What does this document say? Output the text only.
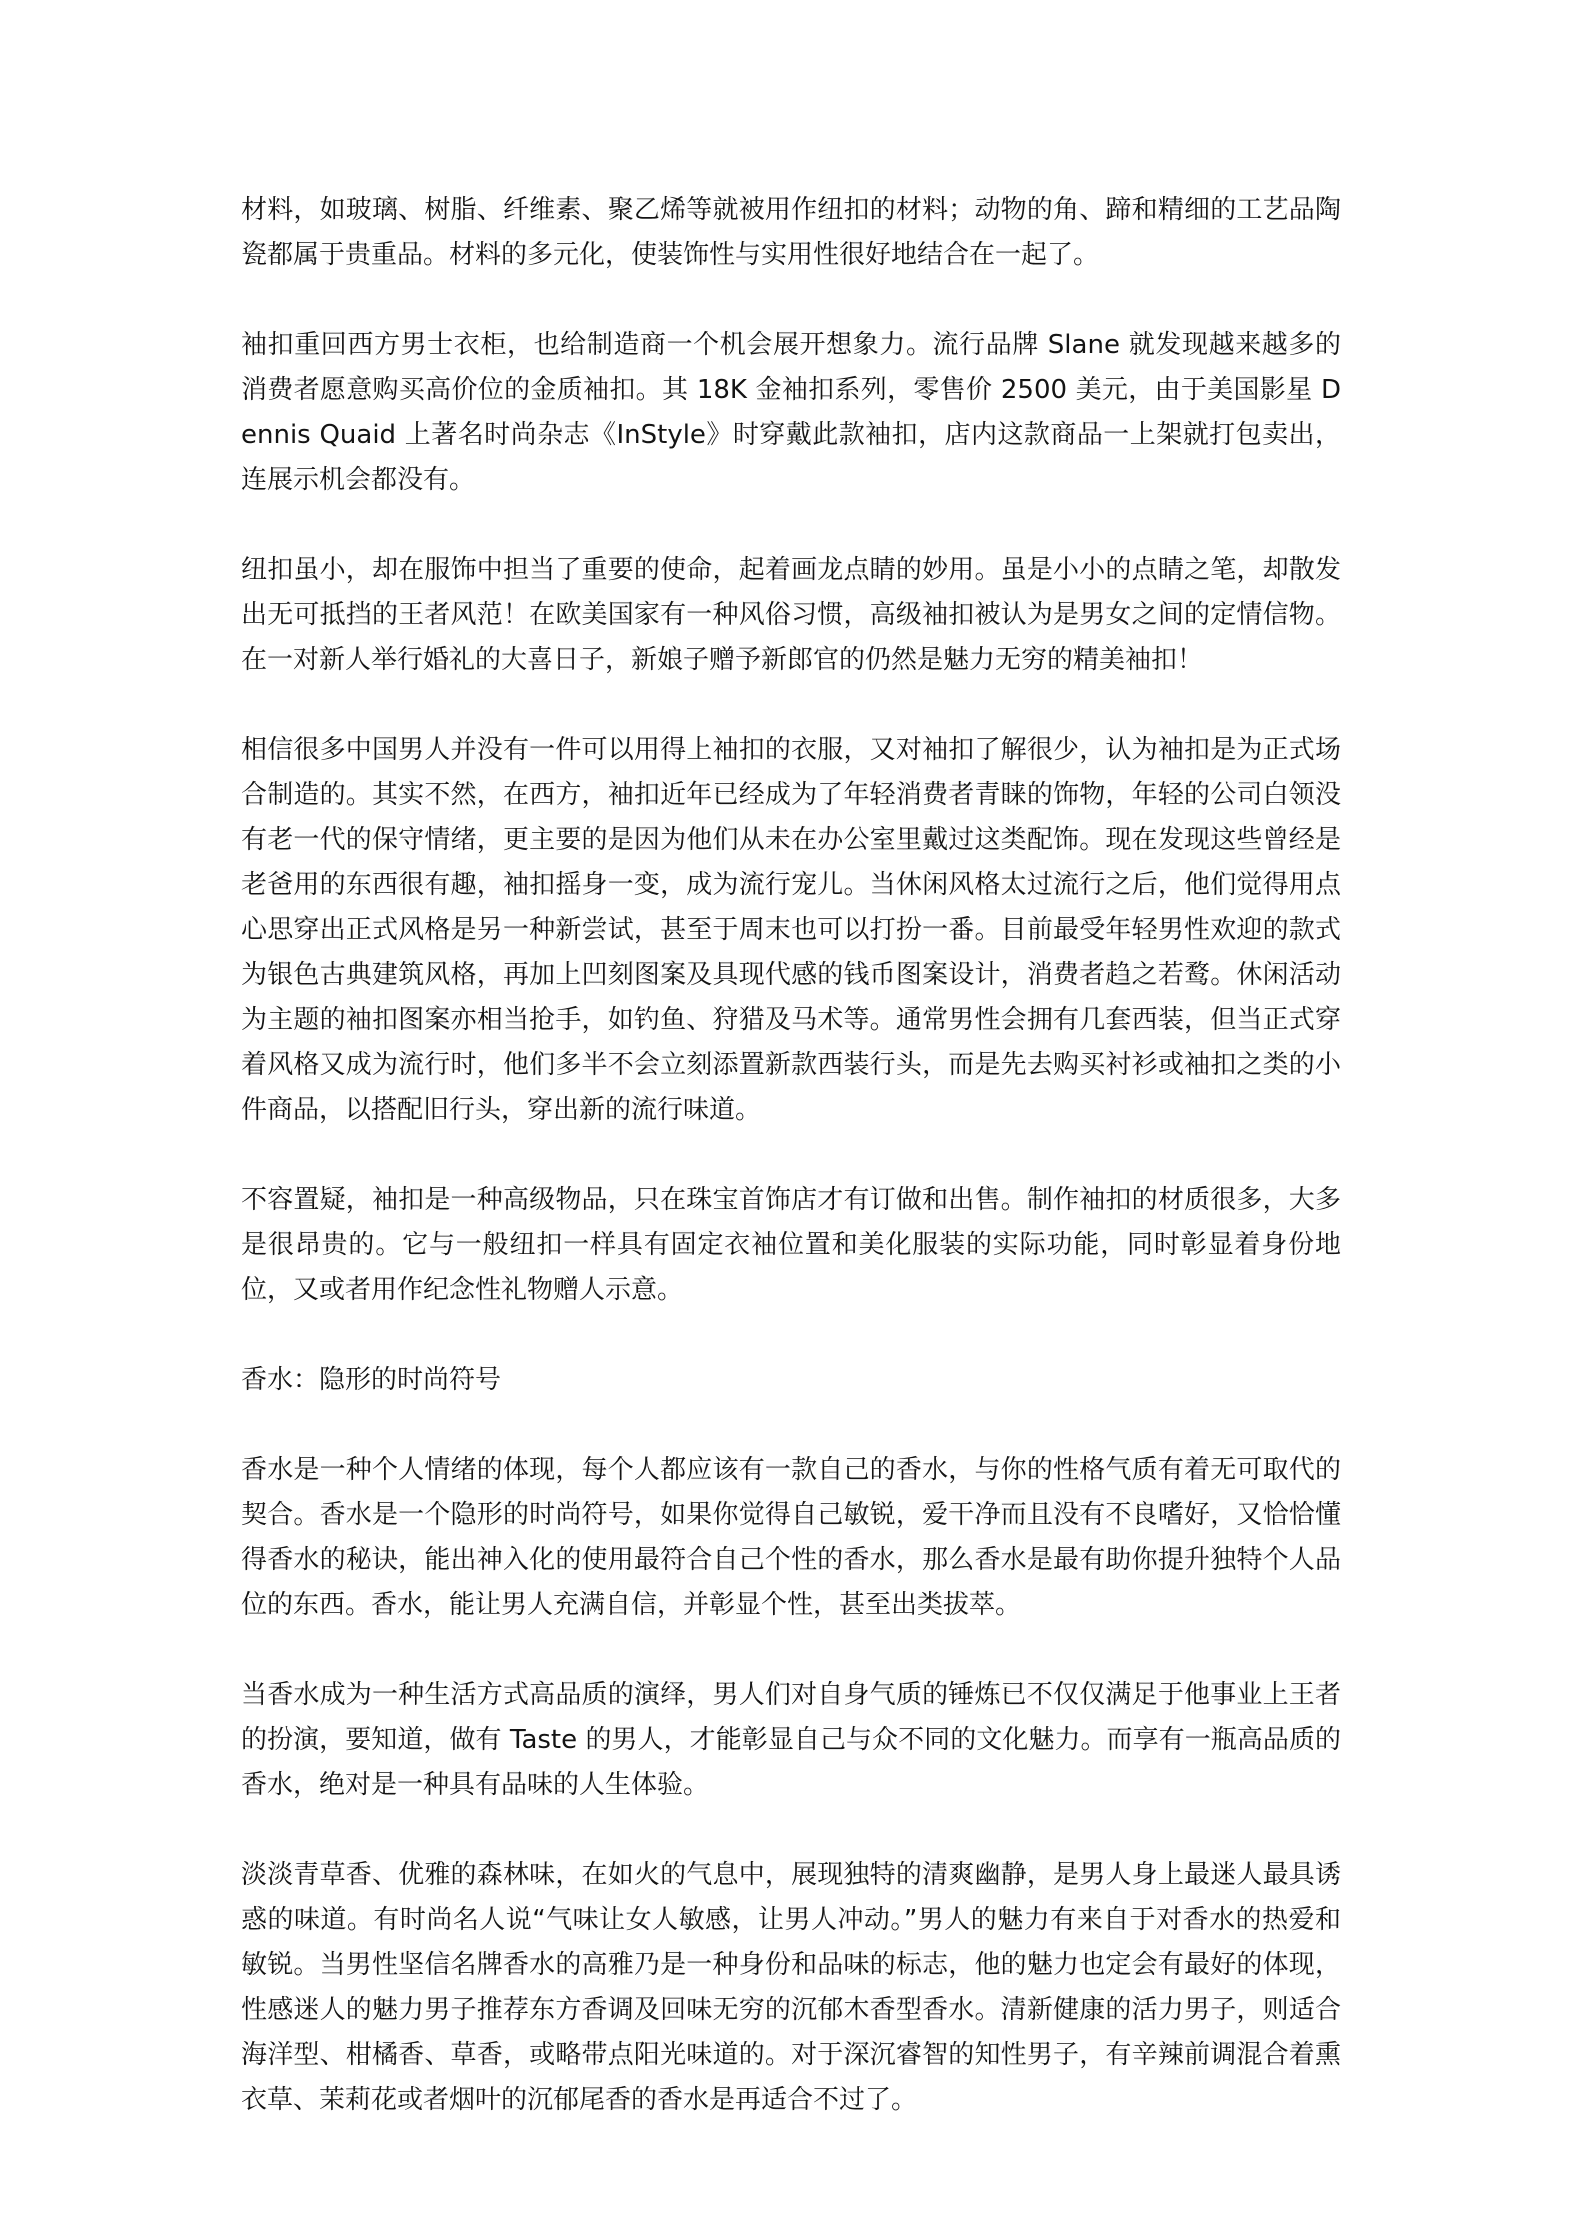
材料，如玻璃、树脂、纤维素、聚乙烯等就被用作纽扣的材料；动物的角、蹄和精细的工艺品陶瓷都属于贵重品。材料的多元化，使装饰性与实用性很好地结合在一起了。

袖扣重回西方男士衣柜，也给制造商一个机会展开想象力。流行品牌 Slane 就发现越来越多的消费者愿意购买高价位的金质袖扣。其 18K 金袖扣系列，零售价 2500 美元，由于美国影星 Dennis Quaid 上著名时尚杂志《InStyle》时穿戴此款袖扣，店内这款商品一上架就打包卖出，连展示机会都没有。

纽扣虽小，却在服饰中担当了重要的使命，起着画龙点睛的妙用。虽是小小的点睛之笔，却散发出无可抵挡的王者风范！在欧美国家有一种风俗习惯，高级袖扣被认为是男女之间的定情信物。在一对新人举行婚礼的大喜日子，新娘子赠予新郎官的仍然是魅力无穷的精美袖扣！

相信很多中国男人并没有一件可以用得上袖扣的衣服，又对袖扣了解很少，认为袖扣是为正式场合制造的。其实不然，在西方，袖扣近年已经成为了年轻消费者青睐的饰物，年轻的公司白领没有老一代的保守情绪，更主要的是因为他们从未在办公室里戴过这类配饰。现在发现这些曾经是老爸用的东西很有趣，袖扣摇身一变，成为流行宠儿。当休闲风格太过流行之后，他们觉得用点心思穿出正式风格是另一种新尝试，甚至于周末也可以打扮一番。目前最受年轻男性欢迎的款式为银色古典建筑风格，再加上凹刻图案及具现代感的钱币图案设计，消费者趋之若鹜。休闲活动为主题的袖扣图案亦相当抢手，如钓鱼、狩猎及马术等。通常男性会拥有几套西装，但当正式穿着风格又成为流行时，他们多半不会立刻添置新款西装行头，而是先去购买衬衫或袖扣之类的小件商品，以搭配旧行头，穿出新的流行味道。

不容置疑，袖扣是一种高级物品，只在珠宝首饰店才有订做和出售。制作袖扣的材质很多，大多是很昂贵的。它与一般纽扣一样具有固定衣袖位置和美化服装的实际功能，同时彰显着身份地位，又或者用作纪念性礼物赠人示意。

香水：隐形的时尚符号

香水是一种个人情绪的体现，每个人都应该有一款自己的香水，与你的性格气质有着无可取代的契合。香水是一个隐形的时尚符号，如果你觉得自己敏锐，爱干净而且没有不良嗜好，又恰恰懂得香水的秘诀，能出神入化的使用最符合自己个性的香水，那么香水是最有助你提升独特个人品位的东西。香水，能让男人充满自信，并彰显个性，甚至出类拔萃。

当香水成为一种生活方式高品质的演绎，男人们对自身气质的锤炼已不仅仅满足于他事业上王者的扮演，要知道，做有 Taste 的男人，才能彰显自己与众不同的文化魅力。而享有一瓶高品质的香水，绝对是一种具有品味的人生体验。

淡淡青草香、优雅的森林味，在如火的气息中，展现独特的清爽幽静，是男人身上最迷人最具诱惑的味道。有时尚名人说“气味让女人敏感，让男人冲动。”男人的魅力有来自于对香水的热爱和敏锐。当男性坚信名牌香水的高雅乃是一种身份和品味的标志，他的魅力也定会有最好的体现，性感迷人的魅力男子推荐东方香调及回味无穷的沉郁木香型香水。清新健康的活力男子，则适合海洋型、柑橘香、草香，或略带点阳光味道的。对于深沉睿智的知性男子，有辛辣前调混合着熏衣草、茉莉花或者烟叶的沉郁尾香的香水是再适合不过了。
